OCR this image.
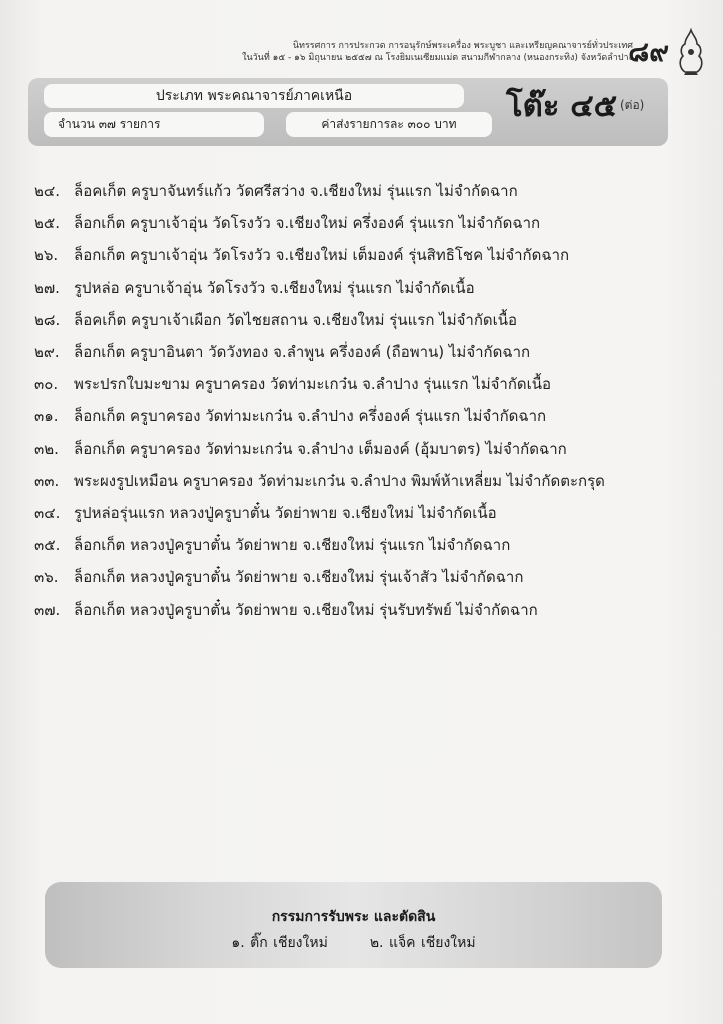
นิทรรศการ การประกวด การอนุรักษ์พระเครื่อง พระบูชา และเหรียญคณาจารย์ทั่วประเทศ
ในวันที่ ๑๕ - ๑๖ มิถุนายน ๒๕๕๗ ณ โรงยิมเนเซียมแม่ต สนามกีฬากลาง (หนองกระทิง) จังหวัดลำปาง
๘๙
ประเภท พระคณาจารย์ภาคเหนือ
จำนวน ๓๗ รายการ	ค่าส่งรายการละ ๓๐๐ บาท	โต๊ะ ๔๕ (ต่อ)
๒๔. ล็อคเก็ต ครูบาจันทร์แก้ว วัดศรีสว่าง จ.เชียงใหม่ รุ่นแรก ไม่จำกัดฉาก
๒๕. ล็อกเก็ต ครูบาเจ้าอุ่น วัดโรงวัว จ.เชียงใหม่ ครึ่งองค์ รุ่นแรก ไม่จำกัดฉาก
๒๖.	ล็อกเก็ต ครูบาเจ้าอุ่น วัดโรงวัว จ.เชียงใหม่ เต็มองค์ รุ่นสิทธิโชค ไม่จำกัดฉาก
๒๗. รูปหล่อ ครูบาเจ้าอุ่น วัดโรงวัว จ.เชียงใหม่ รุ่นแรก ไม่จำกัดเนื้อ
๒๘. ล็อคเก็ต ครูบาเจ้าเผือก วัดไชยสถาน จ.เชียงใหม่ รุ่นแรก ไม่จำกัดเนื้อ
๒๙. ล็อกเก็ต ครูบาอินตา วัดวังทอง จ.ลำพูน ครึ่งองค์ (ถือพาน) ไม่จำกัดฉาก
๓๐.	พระปรกใบมะขาม ครูบาครอง วัดท่ามะเกว๋น จ.ลำปาง รุ่นแรก ไม่จำกัดเนื้อ
๓๑.	ล็อกเก็ต ครูบาครอง วัดท่ามะเกว๋น จ.ลำปาง ครึ่งองค์ รุ่นแรก ไม่จำกัดฉาก
๓๒.	ล็อกเก็ต ครูบาครอง วัดท่ามะเกว๋น จ.ลำปาง เต็มองค์ (อุ้มบาตร) ไม่จำกัดฉาก
๓๓. พระผงรูปเหมือน ครูบาครอง วัดท่ามะเกว๋น จ.ลำปาง พิมพ์ห้าเหลี่ยม ไม่จำกัดตะกรุด
๓๔. รูปหล่อรุ่นแรก หลวงปู่ครูบาตั๋น วัดย่าพาย จ.เชียงใหม่ ไม่จำกัดเนื้อ
๓๕. ล็อกเก็ต หลวงปู่ครูบาตั๋น วัดย่าพาย จ.เชียงใหม่ รุ่นแรก ไม่จำกัดฉาก
๓๖.	ล็อกเก็ต หลวงปู่ครูบาตั๋น วัดย่าพาย จ.เชียงใหม่ รุ่นเจ้าสัว ไม่จำกัดฉาก
๓๗. ล็อกเก็ต หลวงปู่ครูบาตั๋น วัดย่าพาย จ.เชียงใหม่ รุ่นรับทรัพย์ ไม่จำกัดฉาก
กรรมการรับพระ และตัดสิน
๑. ติ๊ก เชียงใหม่	๒. แจ็ค เชียงใหม่
